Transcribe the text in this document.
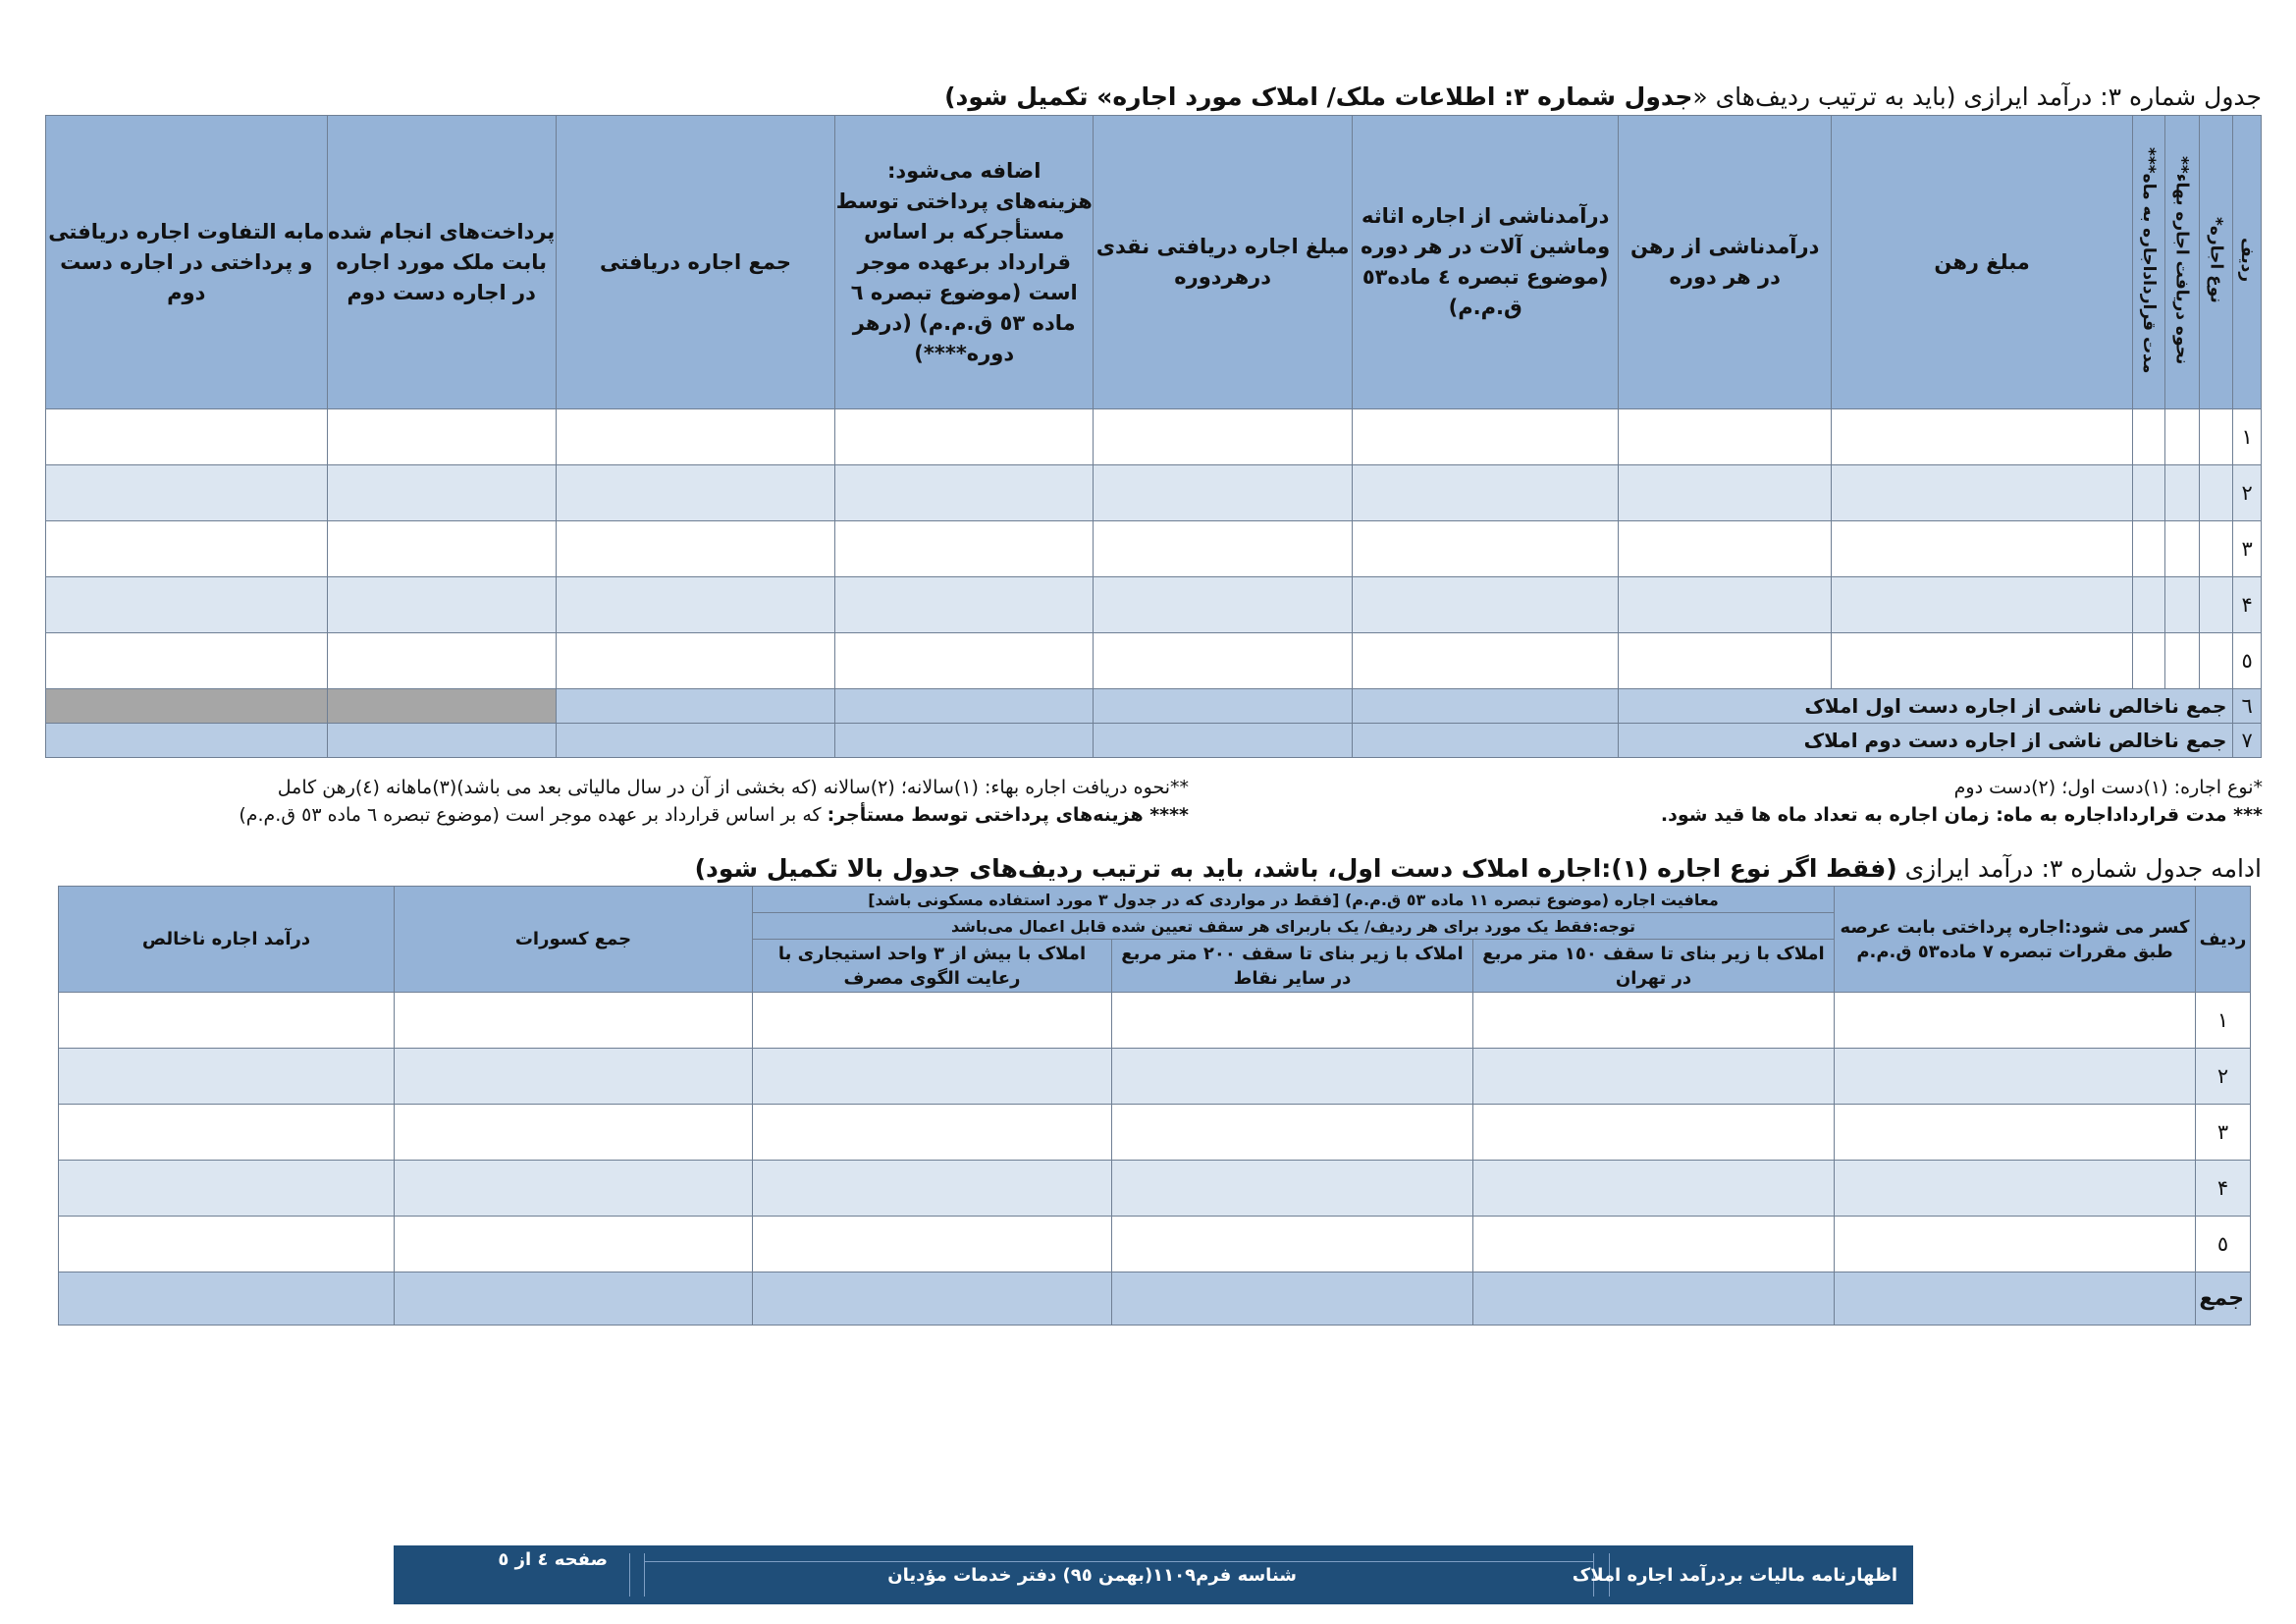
جدول شماره ۳: درآمد ایرازی (باید به ترتیب ردیف‌های «جدول شماره ۳: اطلاعات ملک/ املاک مورد اجاره» تکمیل شود)
ردیف	نوع اجاره*	نحوه دریافت اجاره بهاء**	مدت قرارداداجاره به ماه***	مبلغ رهن	درآمدناشی از رهن در هر دوره	درآمدناشی از اجاره اثاثه وماشین آلات در هر دوره (موضوع تبصره ٤ ماده٥٣ ق.م.م)	مبلغ اجاره دریافتی نقدی درهردوره	اضافه می‌شود: هزینه‌های پرداختی توسط مستأجرکه بر اساس قرارداد برعهده موجر است (موضوع تبصره ٦ ماده ٥٣ ق.م.م) (درهر دوره****)	جمع اجاره دریافتی	پرداخت‌های انجام شده بابت ملک مورد اجاره در اجاره دست دوم	مابه التفاوت اجاره دریافتی و پرداختی در اجاره دست دوم
١											
٢											
٣											
۴											
٥											
٦	جمع ناخالص ناشی از اجاره دست اول املاک										
٧	جمع ناخالص ناشی از اجاره دست دوم املاک										
*نوع اجاره: (١)دست اول؛ (٢)دست دوم
**نحوه دریافت اجاره بهاء: (١)سالانه؛ (٢)سالانه (که بخشی از آن در سال مالیاتی بعد می باشد)(٣)ماهانه (٤)رهن کامل
*** مدت قرارداداجاره به ماه: زمان اجاره به تعداد ماه ها قید شود.
**** هزینه‌های پرداختی توسط مستأجر: که بر اساس قرارداد بر عهده موجر است (موضوع تبصره ٦ ماده ٥٣ ق.م.م)
ادامه جدول شماره ۳: درآمد ایرازی (فقط اگر نوع اجاره (١):اجاره املاک دست اول، باشد، باید به ترتیب ردیف‌های جدول بالا تکمیل شود)
ردیف	کسر می شود:اجاره پرداختی بابت عرصه طبق مقررات تبصره ٧ ماده٥٣ ق.م.م	معافیت اجاره (موضوع تبصره ١١ ماده ٥٣ ق.م.م) [فقط در مواردی که در جدول ٣ مورد استفاده مسکونی باشد]			جمع کسورات	درآمد اجاره ناخالص
		توجه:فقط یک مورد برای هر ردیف/ یک باربرای هر سقف تعیین شده قابل اعمال می‌باشد				
		املاک با زیر بنای تا سقف ١٥٠ متر مربع در تهران	املاک با زیر بنای تا سقف ٢٠٠ متر مربع در سایر نقاط	املاک با بیش از ٣ واحد استیجاری با رعایت الگوی مصرف		
١						
٢						
٣						
۴						
٥						
جمع						
صفحه ٤ از ٥
شناسه فرم١١٠٩(بهمن ٩٥) دفتر خدمات مؤدیان	اظهارنامه مالیات بردرآمد اجاره املاک
